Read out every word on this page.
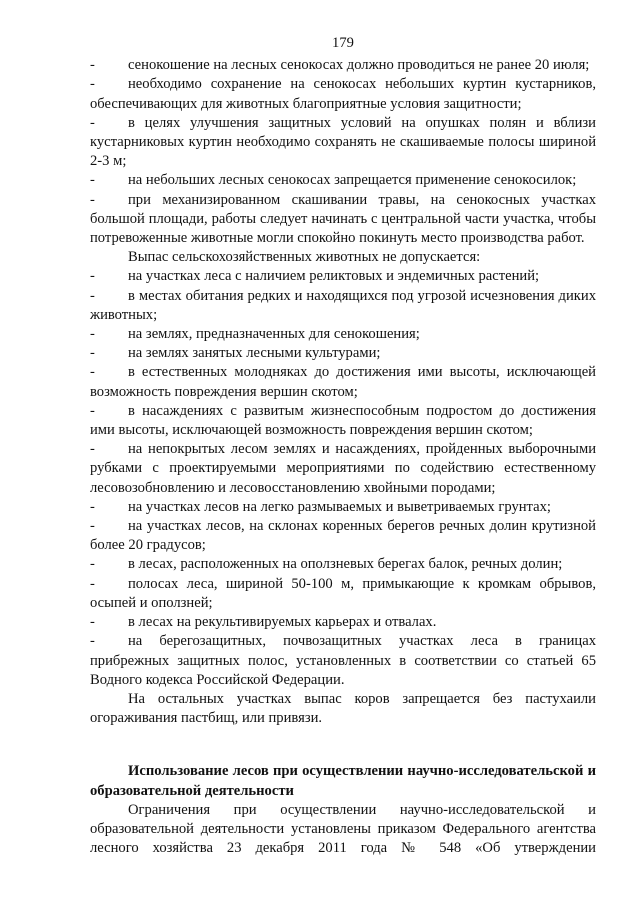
179
- сенокошение на лесных сенокосах должно проводиться не ранее 20 июля;
- необходимо сохранение на сенокосах небольших куртин кустарников, обеспечивающих для животных благоприятные условия защитности;
- в целях улучшения защитных условий на опушках полян и вблизи кустарниковых куртин необходимо сохранять не скашиваемые полосы шириной 2-3 м;
- на небольших лесных сенокосах запрещается применение сенокосилок;
- при механизированном скашивании травы, на сенокосных участках большой площади, работы следует начинать с центральной части участка, чтобы потревоженные животные могли спокойно покинуть место производства работ.
Выпас сельскохозяйственных животных не допускается:
- на участках леса с наличием реликтовых и эндемичных растений;
- в местах обитания редких и находящихся под угрозой исчезновения диких животных;
- на землях, предназначенных для сенокошения;
- на землях занятых лесными культурами;
- в естественных молодняках до достижения ими высоты, исключающей возможность повреждения вершин скотом;
- в насаждениях с развитым жизнеспособным подростом до достижения ими высоты, исключающей возможность повреждения вершин скотом;
- на непокрытых лесом землях и насаждениях, пройденных выборочными рубками с проектируемыми мероприятиями по содействию естественному лесовозобновлению и лесовосстановлению хвойными породами;
- на участках лесов на легко размываемых и выветриваемых грунтах;
- на участках лесов, на склонах коренных берегов речных долин крутизной более 20 градусов;
- в лесах, расположенных на оползневых берегах балок, речных долин;
- полосах леса, шириной 50-100 м, примыкающие к кромкам обрывов, осыпей и оползней;
- в лесах на рекультивируемых карьерах и отвалах.
- на берегозащитных, почвозащитных участках леса в границах прибрежных защитных полос, установленных в соответствии со статьей 65 Водного кодекса Российской Федерации.
На остальных участках выпас коров запрещается без пастухаили огораживания пастбищ, или привязи.
Использование лесов при осуществлении научно-исследовательской и образовательной деятельности
Ограничения при осуществлении научно-исследовательской и образовательной деятельности установлены приказом Федерального агентства лесного хозяйства 23 декабря 2011 года № 548 «Об утверждении
